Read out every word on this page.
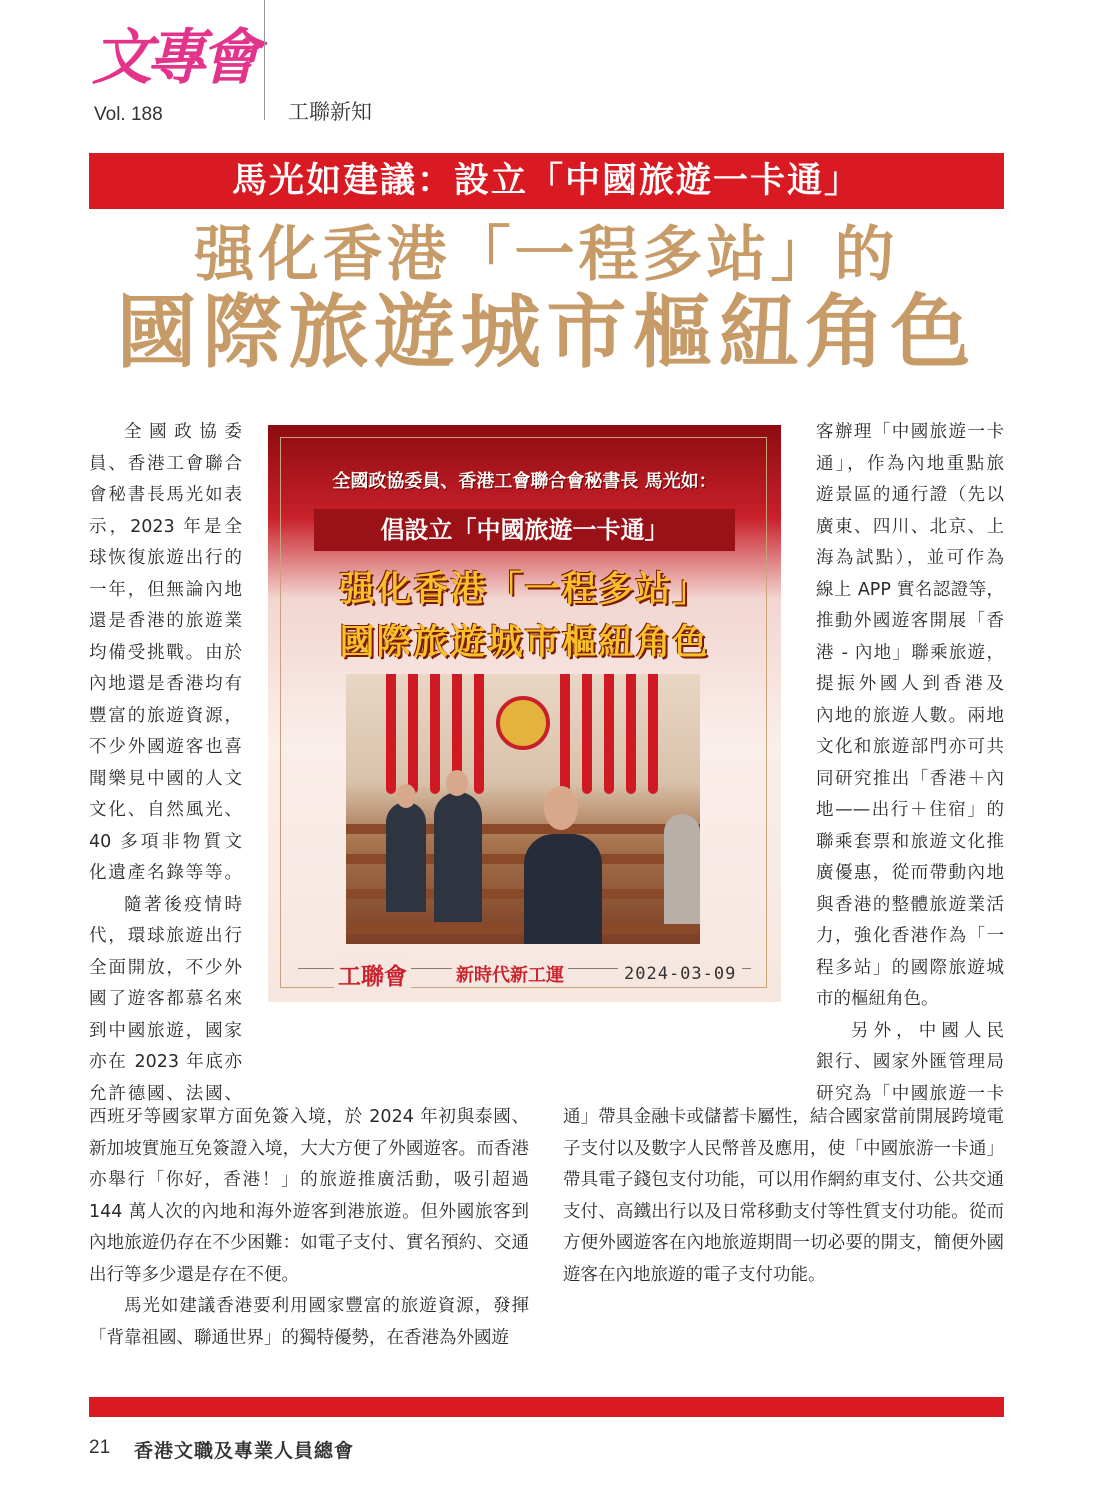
文專會
Vol. 188	工聯新知
馬光如建議：設立「中國旅遊一卡通」
强化香港「一程多站」的
國際旅遊城市樞紐角色

全國政協委

員、香港工會聯合

會秘書長馬光如表

示，2023 年是全

球恢復旅遊出行的

一年，但無論內地

還是香港的旅遊業

均備受挑戰。由於

內地還是香港均有

豐富的旅遊資源，

不少外國遊客也喜

聞樂見中國的人文

文化、自然風光、

40 多項非物質文

化遺產名錄等等。

隨著後疫情時

代，環球旅遊出行

全面開放，不少外

國了遊客都慕名來

到中國旅遊，國家

亦在 2023 年底亦

允許德國、法國、

全國政協委員、香港工會聯合會秘書長 馬光如：
倡設立「中國旅遊一卡通」
强化香港「一程多站」
國際旅遊城市樞紐角色
工聯會	新時代新工運	2024-03-09

客辦理「中國旅遊一卡

通」，作為內地重點旅

遊景區的通行證（先以

廣東、四川、北京、上

海為試點），並可作為

線上 APP 實名認證等，

推動外國遊客開展「香

港 - 內地」聯乘旅遊，

提振外國人到香港及

內地的旅遊人數。兩地

文化和旅遊部門亦可共

同研究推出「香港＋內

地——出行＋住宿」的

聯乘套票和旅遊文化推

廣優惠，從而帶動內地

與香港的整體旅遊業活

力，強化香港作為「一

程多站」的國際旅遊城

市的樞紐角色。

另外，中國人民

銀行、國家外匯管理局

研究為「中國旅遊一卡

西班牙等國家單方面免簽入境，於 2024 年初與泰國、新加坡實施互免簽證入境，大大方便了外國遊客。而香港亦舉行「你好，香港！」的旅遊推廣活動，吸引超過 144 萬人次的內地和海外遊客到港旅遊。但外國旅客到內地旅遊仍存在不少困難：如電子支付、實名預約、交通出行等多少還是存在不便。

馬光如建議香港要利用國家豐富的旅遊資源，發揮「背靠祖國、聯通世界」的獨特優勢，在香港為外國遊

通」帶具金融卡或儲蓄卡屬性，結合國家當前開展跨境電子支付以及數字人民幣普及應用，使「中國旅游一卡通」帶具電子錢包支付功能，可以用作網約車支付、公共交通支付、高鐵出行以及日常移動支付等性質支付功能。從而方便外國遊客在內地旅遊期間一切必要的開支，簡便外國遊客在內地旅遊的電子支付功能。

21 香港文職及專業人員總會
